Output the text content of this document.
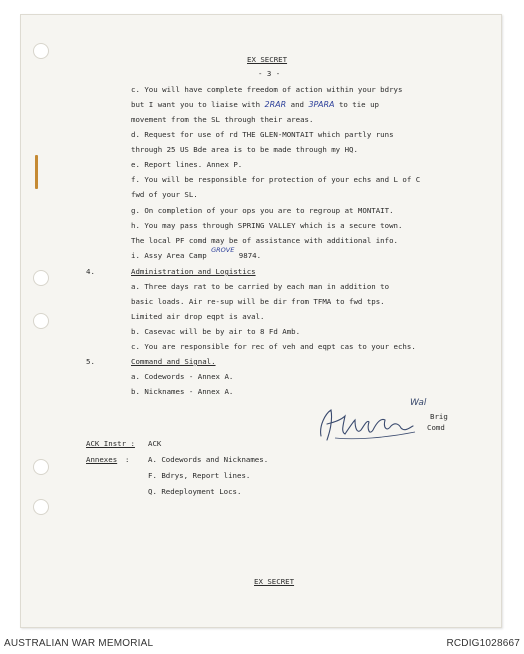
EX SECRET
- 3 -
c. You will have complete freedom of action within your bdrys
but I want you to liaise with 2RAR and 3PARA to tie up
movement from the SL through their areas.
d. Request for use of rd THE GLEN-MONTAIT which partly runs
through 25 US Bde area is to be made through my HQ.
e. Report lines. Annex P.
f. You will be responsible for protection of your echs and L of C
fwd of your SL.
g. On completion of your ops you are to regroup at MONTAIT.
h. You may pass through SPRING VALLEY which is a secure town.
The local PF comd may be of assistance with additional info.
i. Assy Area Camp GROVE 9874.
4.	Administration and Logistics
a. Three days rat to be carried by each man in addition to
basic loads. Air re-sup will be dir from TFMA to fwd tps.
Limited air drop eqpt is aval.
b. Casevac will be by air to 8 Fd Amb.
c. You are responsible for rec of veh and eqpt cas to your echs.
5.	Command and Signal.
a. Codewords - Annex A.
b. Nicknames - Annex A.
Wal
Brig
Comd
ACK Instr : ACK
Annexes :	A. Codewords and Nicknames.
F. Bdrys, Report lines.
Q. Redeployment Locs.
EX SECRET
AUSTRALIAN WAR MEMORIAL	RCDIG1028667
